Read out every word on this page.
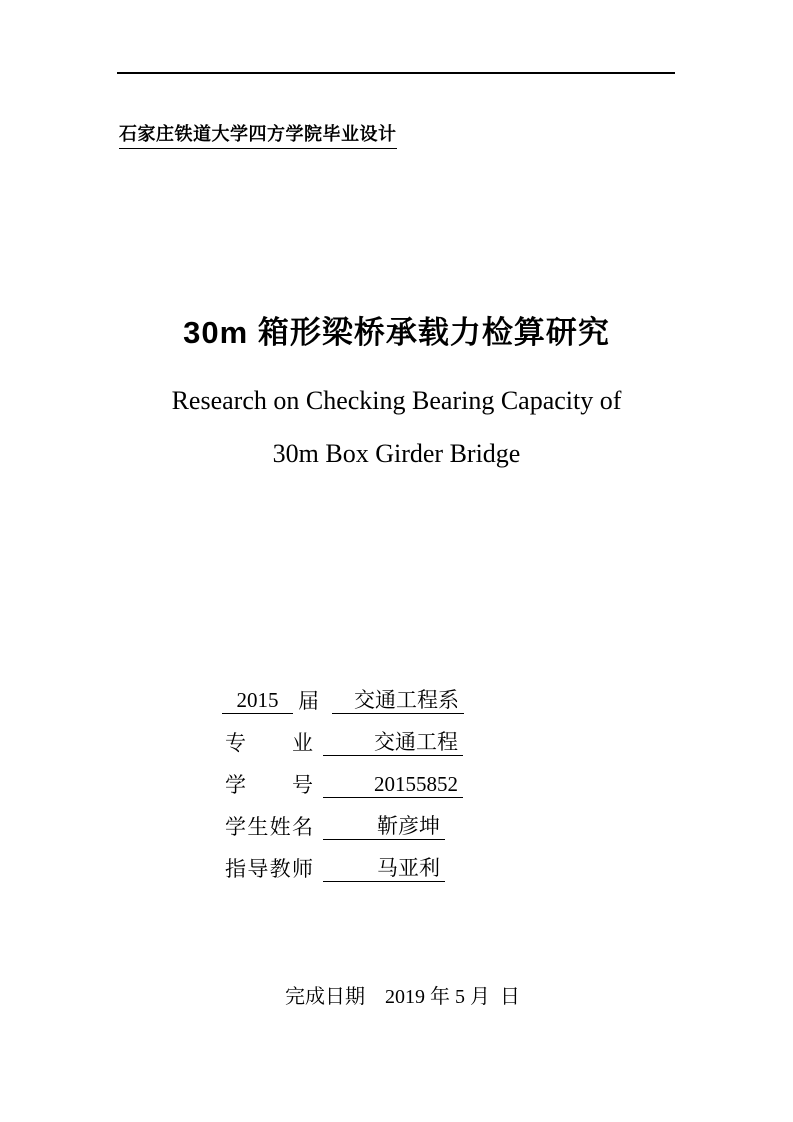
石家庄铁道大学四方学院毕业设计
30m 箱形梁桥承载力检算研究
Research on Checking Bearing Capacity of
30m Box Girder Bridge
2015 届	交通工程系
专 业	交通工程
学 号	20155852
学生姓名	靳彦坤
指导教师	马亚利
完成日期　2019 年 5 月  日
